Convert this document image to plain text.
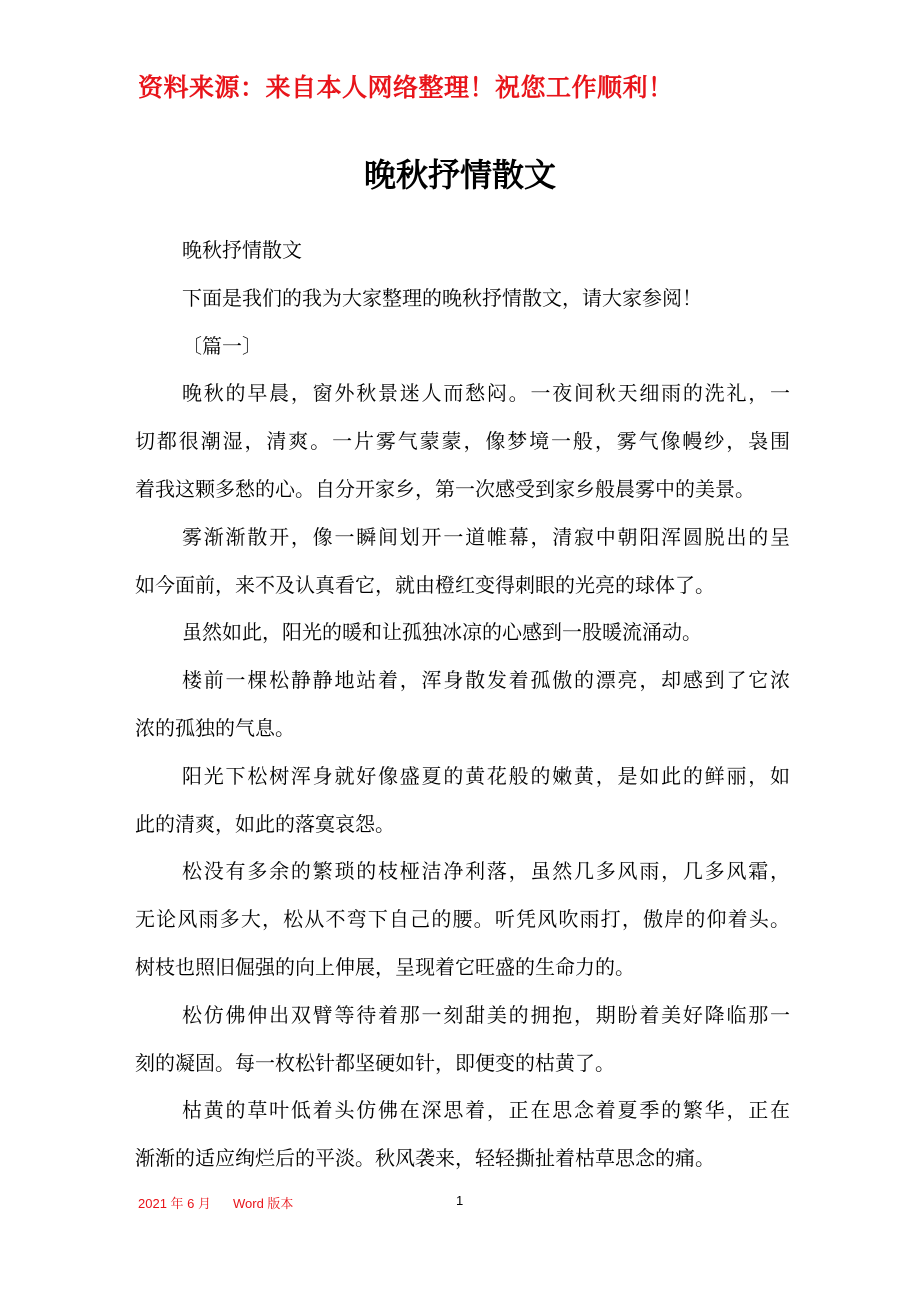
资料来源：来自本人网络整理！祝您工作顺利！
晚秋抒情散文
晚秋抒情散文
下面是我们的我为大家整理的晚秋抒情散文，请大家参阅！
〔篇一〕
晚秋的早晨，窗外秋景迷人而愁闷。一夜间秋天细雨的洗礼，一
切都很潮湿，清爽。一片雾气蒙蒙，像梦境一般，雾气像幔纱，袅围
着我这颗多愁的心。自分开家乡，第一次感受到家乡般晨雾中的美景。
雾渐渐散开，像一瞬间划开一道帷幕，清寂中朝阳浑圆脱出的呈
如今面前，来不及认真看它，就由橙红变得刺眼的光亮的球体了。
虽然如此，阳光的暖和让孤独冰凉的心感到一股暖流涌动。
楼前一棵松静静地站着，浑身散发着孤傲的漂亮，却感到了它浓
浓的孤独的气息。
阳光下松树浑身就好像盛夏的黄花般的嫩黄，是如此的鲜丽，如
此的清爽，如此的落寞哀怨。
松没有多余的繁琐的枝桠洁净利落，虽然几多风雨，几多风霜，
无论风雨多大，松从不弯下自己的腰。听凭风吹雨打，傲岸的仰着头。
树枝也照旧倔强的向上伸展，呈现着它旺盛的生命力的。
松仿佛伸出双臂等待着那一刻甜美的拥抱，期盼着美好降临那一
刻的凝固。每一枚松针都坚硬如针，即便变的枯黄了。
枯黄的草叶低着头仿佛在深思着，正在思念着夏季的繁华，正在
渐渐的适应绚烂后的平淡。秋风袭来，轻轻撕扯着枯草思念的痛。
2021 年 6 月 Word 版本	1
